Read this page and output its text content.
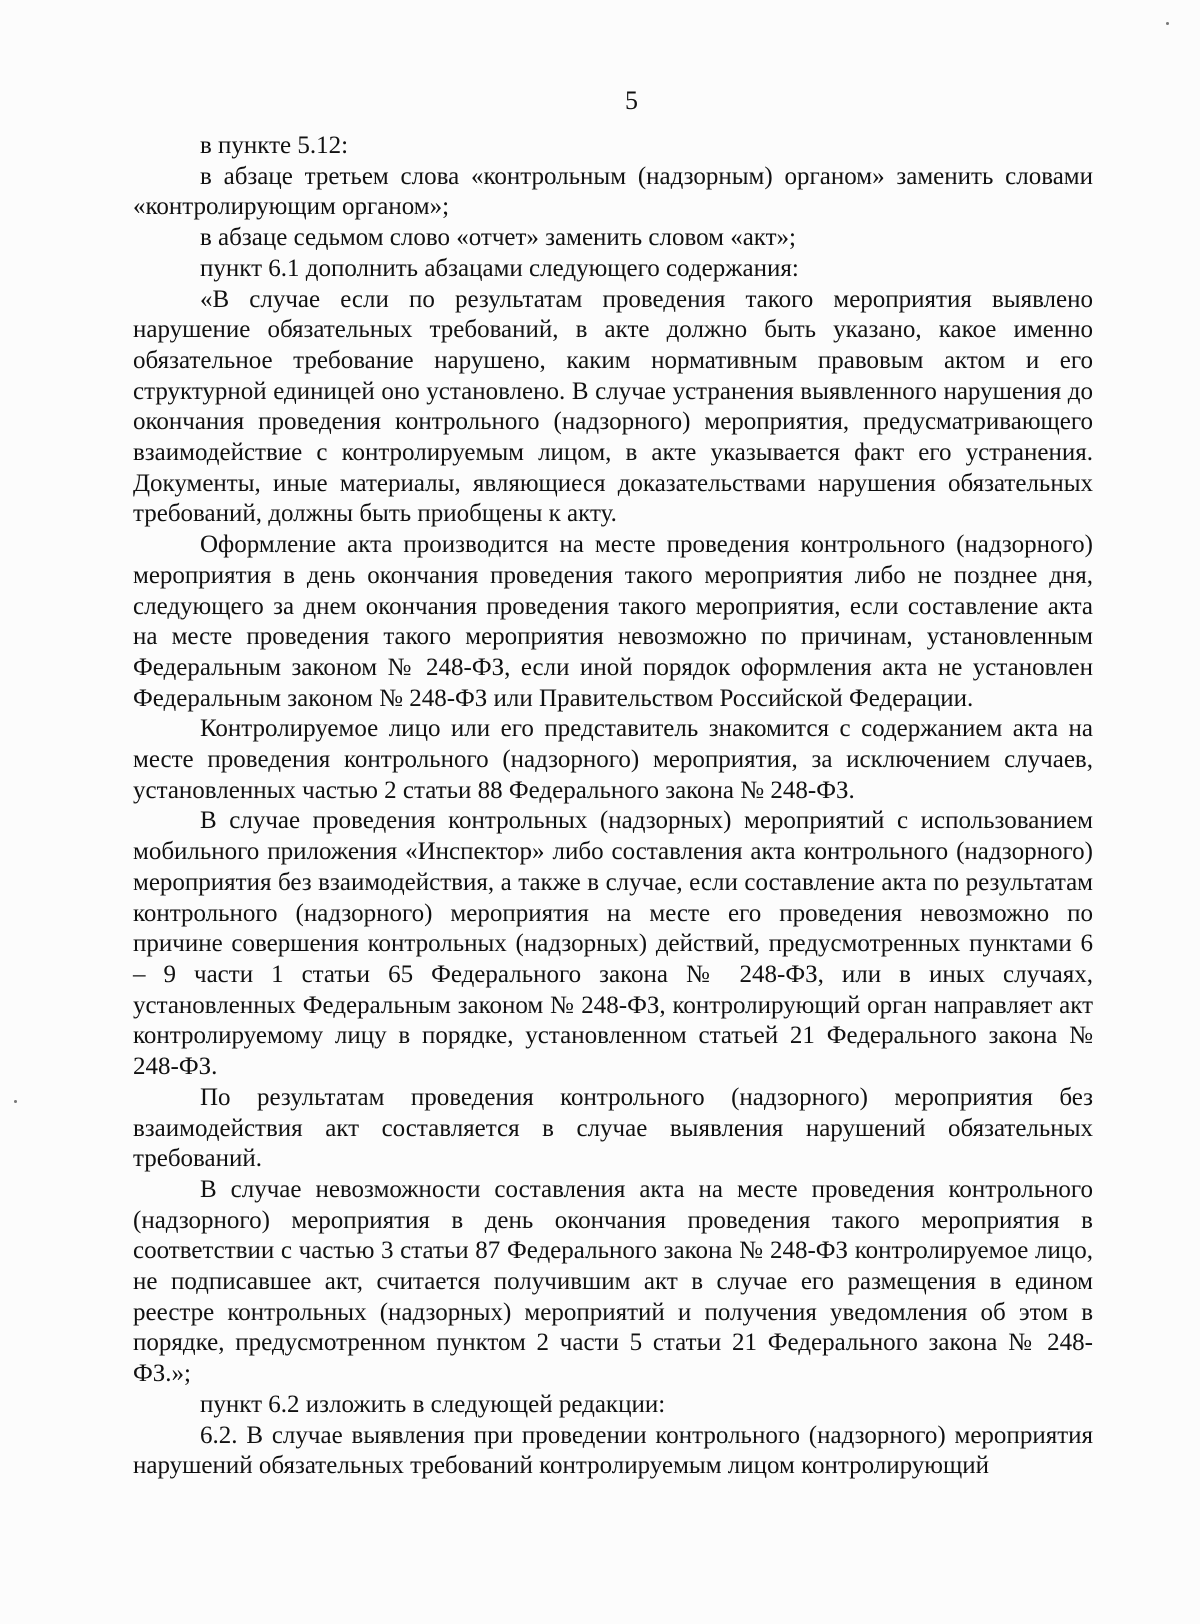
5

в пункте 5.12:

в абзаце третьем слова «контрольным (надзорным) органом» заменить словами «контролирующим органом»;

в абзаце седьмом слово «отчет» заменить словом «акт»;

пункт 6.1 дополнить абзацами следующего содержания:

«В случае если по результатам проведения такого мероприятия выявлено нарушение обязательных требований, в акте должно быть указано, какое именно обязательное требование нарушено, каким нормативным правовым актом и его структурной единицей оно установлено. В случае устранения выявленного нарушения до окончания проведения контрольного (надзорного) мероприятия, предусматривающего взаимодействие с контролируемым лицом, в акте указывается факт его устранения. Документы, иные материалы, являющиеся доказательствами нарушения обязательных требований, должны быть приобщены к акту.

Оформление акта производится на месте проведения контрольного (надзорного) мероприятия в день окончания проведения такого мероприятия либо не позднее дня, следующего за днем окончания проведения такого мероприятия, если составление акта на месте проведения такого мероприятия невозможно по причинам, установленным Федеральным законом № 248-ФЗ, если иной порядок оформления акта не установлен Федеральным законом № 248-ФЗ или Правительством Российской Федерации.

Контролируемое лицо или его представитель знакомится с содержанием акта на месте проведения контрольного (надзорного) мероприятия, за исключением случаев, установленных частью 2 статьи 88 Федерального закона № 248-ФЗ.

В случае проведения контрольных (надзорных) мероприятий с использованием мобильного приложения «Инспектор» либо составления акта контрольного (надзорного) мероприятия без взаимодействия, а также в случае, если составление акта по результатам контрольного (надзорного) мероприятия на месте его проведения невозможно по причине совершения контрольных (надзорных) действий, предусмотренных пунктами 6 – 9 части 1 статьи 65 Федерального закона № 248-ФЗ, или в иных случаях, установленных Федеральным законом № 248-ФЗ, контролирующий орган направляет акт контролируемому лицу в порядке, установленном статьей 21 Федерального закона № 248-ФЗ.

По результатам проведения контрольного (надзорного) мероприятия без взаимодействия акт составляется в случае выявления нарушений обязательных требований.

В случае невозможности составления акта на месте проведения контрольного (надзорного) мероприятия в день окончания проведения такого мероприятия в соответствии с частью 3 статьи 87 Федерального закона № 248-ФЗ контролируемое лицо, не подписавшее акт, считается получившим акт в случае его размещения в едином реестре контрольных (надзорных) мероприятий и получения уведомления об этом в порядке, предусмотренном пунктом 2 части 5 статьи 21 Федерального закона № 248-ФЗ.»;

пункт 6.2 изложить в следующей редакции:

6.2. В случае выявления при проведении контрольного (надзорного) мероприятия нарушений обязательных требований контролируемым лицом контролирующий
